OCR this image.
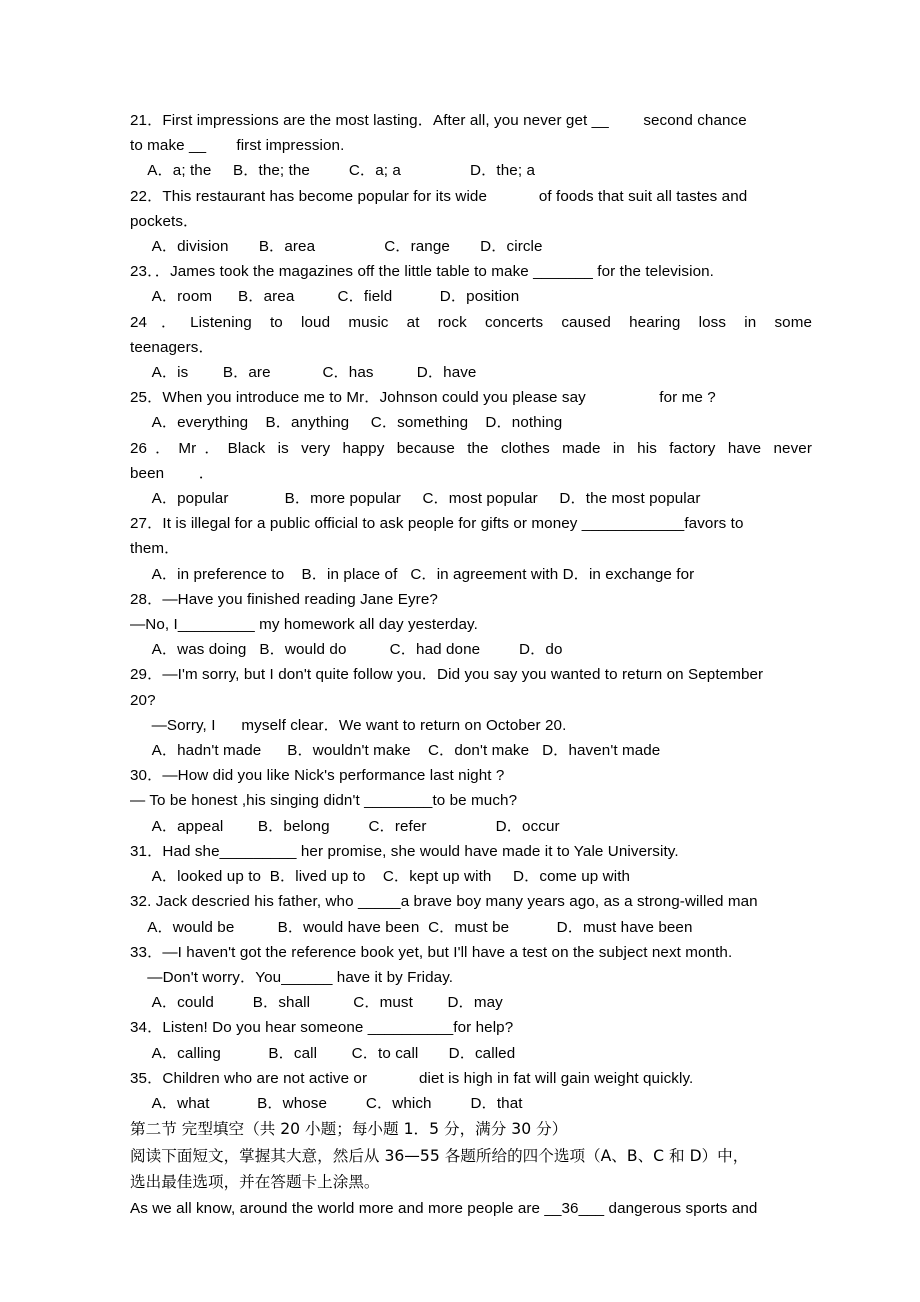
21．First impressions are the most lasting．After all, you never get __        second chance

to make __       first impression.

A．a; the     B．the; the         C．a; a                D．the; a

22．This restaurant has become popular for its wide            of foods that suit all tastes and

pockets．

A．division       B．area                C．range       D．circle

23．．James took the magazines off the little table to make _______ for the television.

A．room      B．area          C．field           D．position

24．Listening to loud music at rock concerts caused hearing loss in some

teenagers．

A．is        B．are            C．has          D．have

25．When you introduce me to Mr．Johnson could you please say                 for me ?

A．everything    B．anything     C．something    D．nothing

26．Mr．Black is very happy because the clothes made in his factory have never

been        ．

A．popular             B．more popular     C．most popular     D．the most popular

27．It is illegal for a public official to ask people for gifts or money ____________favors to

them．

A．in preference to    B．in place of   C．in agreement with D．in exchange for

28．—Have you finished reading Jane Eyre?

—No, I_________ my homework all day yesterday.

A．was doing   B．would do          C．had done         D．do

29．—I'm sorry, but I don't quite follow you．Did you say you wanted to return on September

20?

—Sorry, I      myself clear．We want to return on October 20.

A．hadn't made      B．wouldn't make    C．don't make   D．haven't made

30．—How did you like Nick's performance last night ?

— To be honest ,his singing didn't ________to be much?

A．appeal        B．belong         C．refer                D．occur

31．Had she_________ her promise, she would have made it to Yale University.

A．looked up to  B．lived up to    C．kept up with     D．come up with

32. Jack descried his father, who _____a brave boy many years ago, as a strong-willed man

A．would be          B．would have been  C．must be           D．must have been

33．—I haven't got the reference book yet, but I'll have a test on the subject next month.

—Don't worry．You______ have it by Friday.

A．could         B．shall          C．must        D．may

34．Listen! Do you hear someone __________for help?

A．calling           B．call        C．to call       D．called

35．Children who are not active or            diet is high in fat will gain weight quickly.

A．what           B．whose         C．which         D．that

第二节 完型填空（共 20 小题；每小题 1．5 分，满分 30 分）

阅读下面短文，掌握其大意，然后从 36—55 各题所给的四个选项（A、B、C 和 D）中，

选出最佳选项，并在答题卡上涂黑。

As we all know, around the world more and more people are __36___ dangerous sports and
